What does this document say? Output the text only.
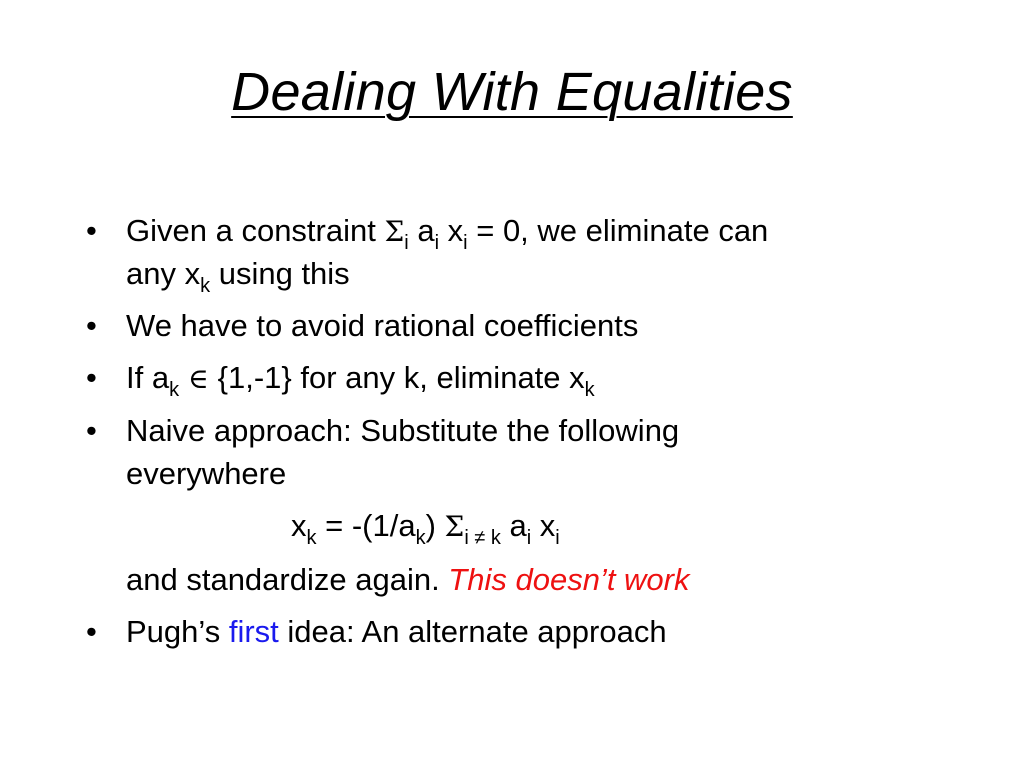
Dealing With Equalities
• Given a constraint $\Sigma_i$ $a_i$ $x_i = 0$, we eliminate can
any $x_k$ using this
• We have to avoid rational coefficients
• If $a_k$ ∈ {1,-1} for any k, eliminate $x_k$
• Naive approach: Substitute the following
everywhere
$x_k = -(1/a_k)$ $\Sigma_{i \ne k}$ $a_i$ $x_i$
and standardize again. This doesn’t work
• Pugh’s first idea: An alternate approach
